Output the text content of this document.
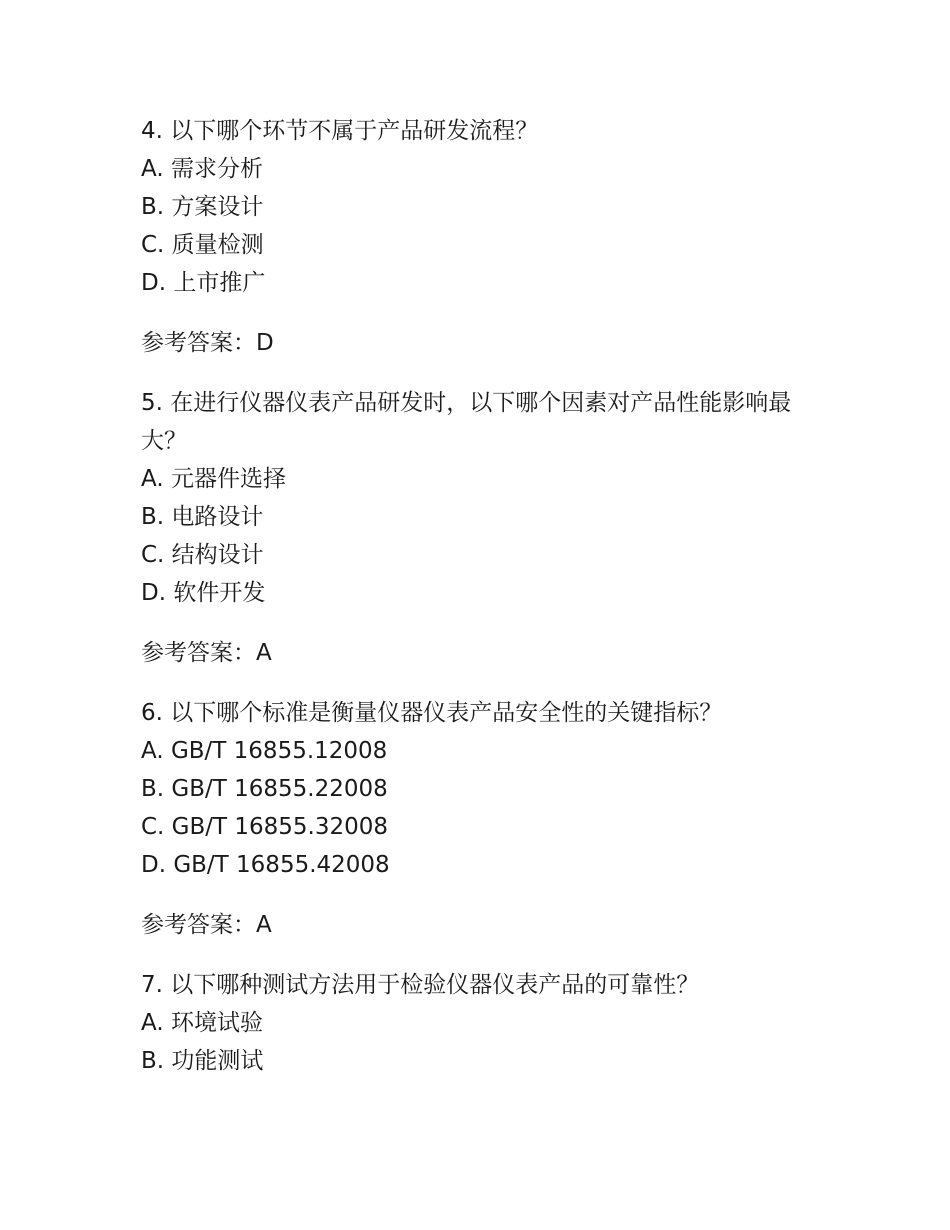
4. 以下哪个环节不属于产品研发流程？
A. 需求分析
B. 方案设计
C. 质量检测
D. 上市推广
参考答案：D
5. 在进行仪器仪表产品研发时，以下哪个因素对产品性能影响最大？
A. 元器件选择
B. 电路设计
C. 结构设计
D. 软件开发
参考答案：A
6. 以下哪个标准是衡量仪器仪表产品安全性的关键指标？
A. GB/T 16855.12008
B. GB/T 16855.22008
C. GB/T 16855.32008
D. GB/T 16855.42008
参考答案：A
7. 以下哪种测试方法用于检验仪器仪表产品的可靠性？
A. 环境试验
B. 功能测试
